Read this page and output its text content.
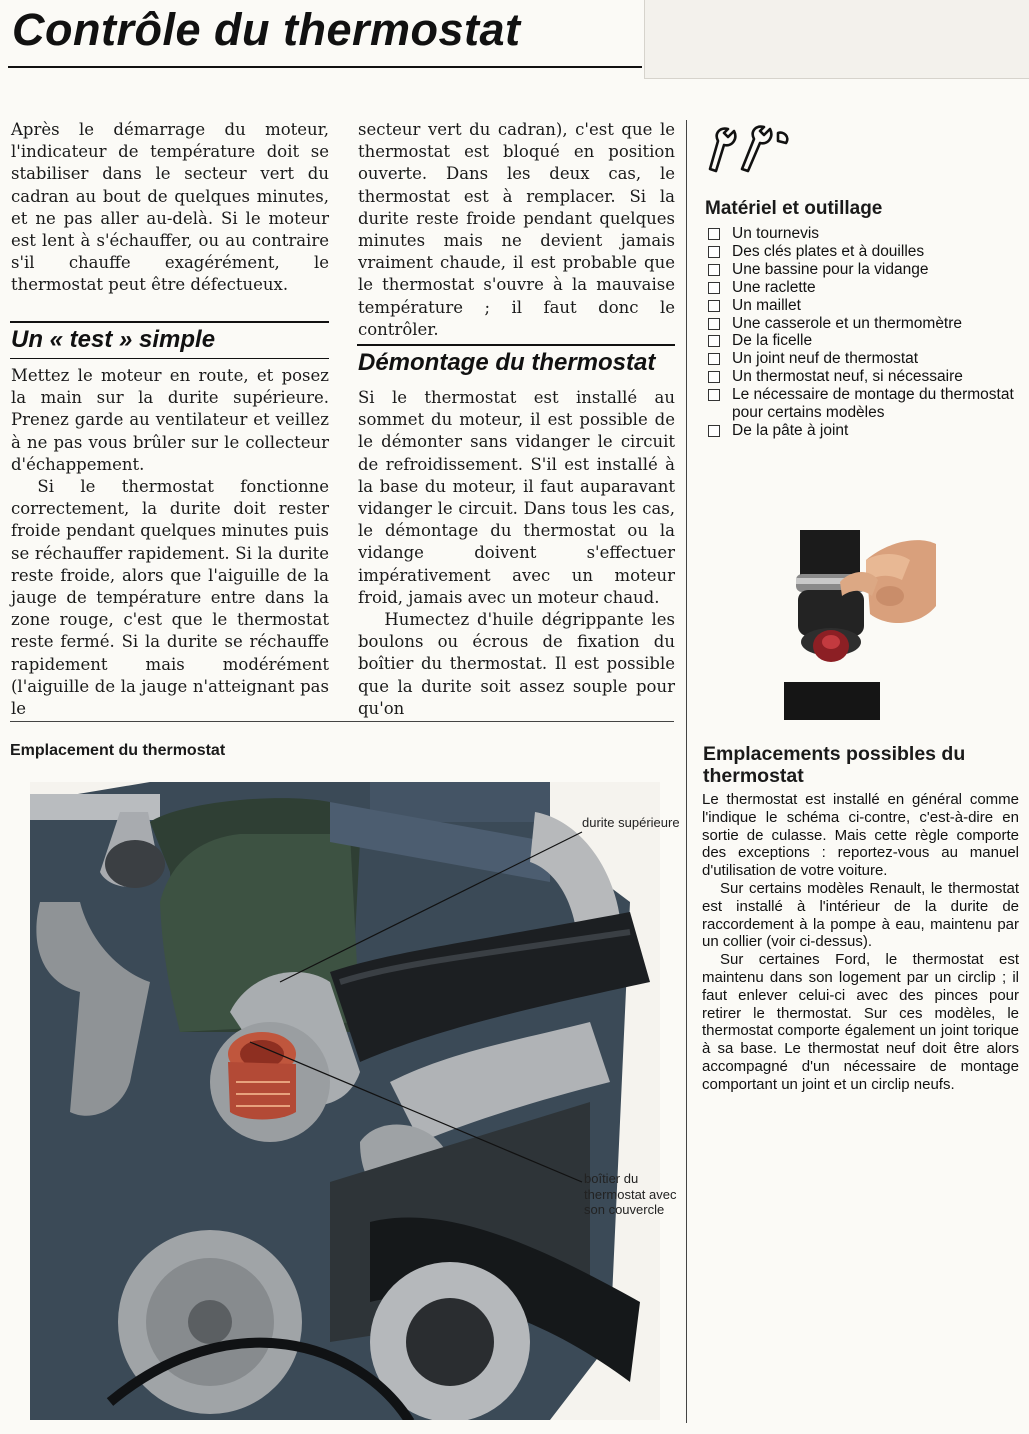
Contrôle du thermostat

Après le démarrage du moteur, l'indicateur de température doit se stabiliser dans le secteur vert du cadran au bout de quelques minutes, et ne pas aller au-delà. Si le moteur est lent à s'échauffer, ou au contraire s'il chauffe exagérément, le thermostat peut être défectueux.

secteur vert du cadran), c'est que le thermostat est bloqué en position ouverte. Dans les deux cas, le thermostat est à remplacer. Si la durite reste froide pendant quelques minutes mais ne devient jamais vraiment chaude, il est probable que le thermostat s'ouvre à la mauvaise température ; il faut donc le contrôler.

Un « test » simple

Mettez le moteur en route, et posez la main sur la durite supérieure. Prenez garde au ventilateur et veillez à ne pas vous brûler sur le collecteur d'échappement.

Si le thermostat fonctionne correctement, la durite doit rester froide pendant quelques minutes puis se réchauffer rapidement. Si la durite reste froide, alors que l'aiguille de la jauge de température entre dans la zone rouge, c'est que le thermostat reste fermé. Si la durite se réchauffe rapidement mais modérément (l'aiguille de la jauge n'atteignant pas le

Démontage du thermostat

Si le thermostat est installé au sommet du moteur, il est possible de le démonter sans vidanger le circuit de refroidissement. S'il est installé à la base du moteur, il faut auparavant vidanger le circuit. Dans tous les cas, le démontage du thermostat ou la vidange doivent s'effectuer impérativement avec un moteur froid, jamais avec un moteur chaud.

Humectez d'huile dégrippante les boulons ou écrous de fixation du boîtier du thermostat. Il est possible que la durite soit assez souple pour qu'on

Matériel et outillage
Un tournevis
Des clés plates et à douilles
Une bassine pour la vidange
Une raclette
Un maillet
Une casserole et un thermomètre
De la ficelle
Un joint neuf de thermostat
Un thermostat neuf, si nécessaire
Le nécessaire de montage du thermostat pour certains modèles
De la pâte à joint
Emplacement du thermostat
durite supérieure
boîtier du thermostat avec son couvercle
Emplacements possibles du thermostat

Le thermostat est installé en général comme l'indique le schéma ci-contre, c'est-à-dire en sortie de culasse. Mais cette règle comporte des exceptions : reportez-vous au manuel d'utilisation de votre voiture.

Sur certains modèles Renault, le thermostat est installé à l'intérieur de la durite de raccordement à la pompe à eau, maintenu par un collier (voir ci-dessus).

Sur certaines Ford, le thermostat est maintenu dans son logement par un circlip ; il faut enlever celui-ci avec des pinces pour retirer le thermostat. Sur ces modèles, le thermostat comporte également un joint torique à sa base. Le thermostat neuf doit être alors accompagné d'un nécessaire de montage comportant un joint et un circlip neufs.
